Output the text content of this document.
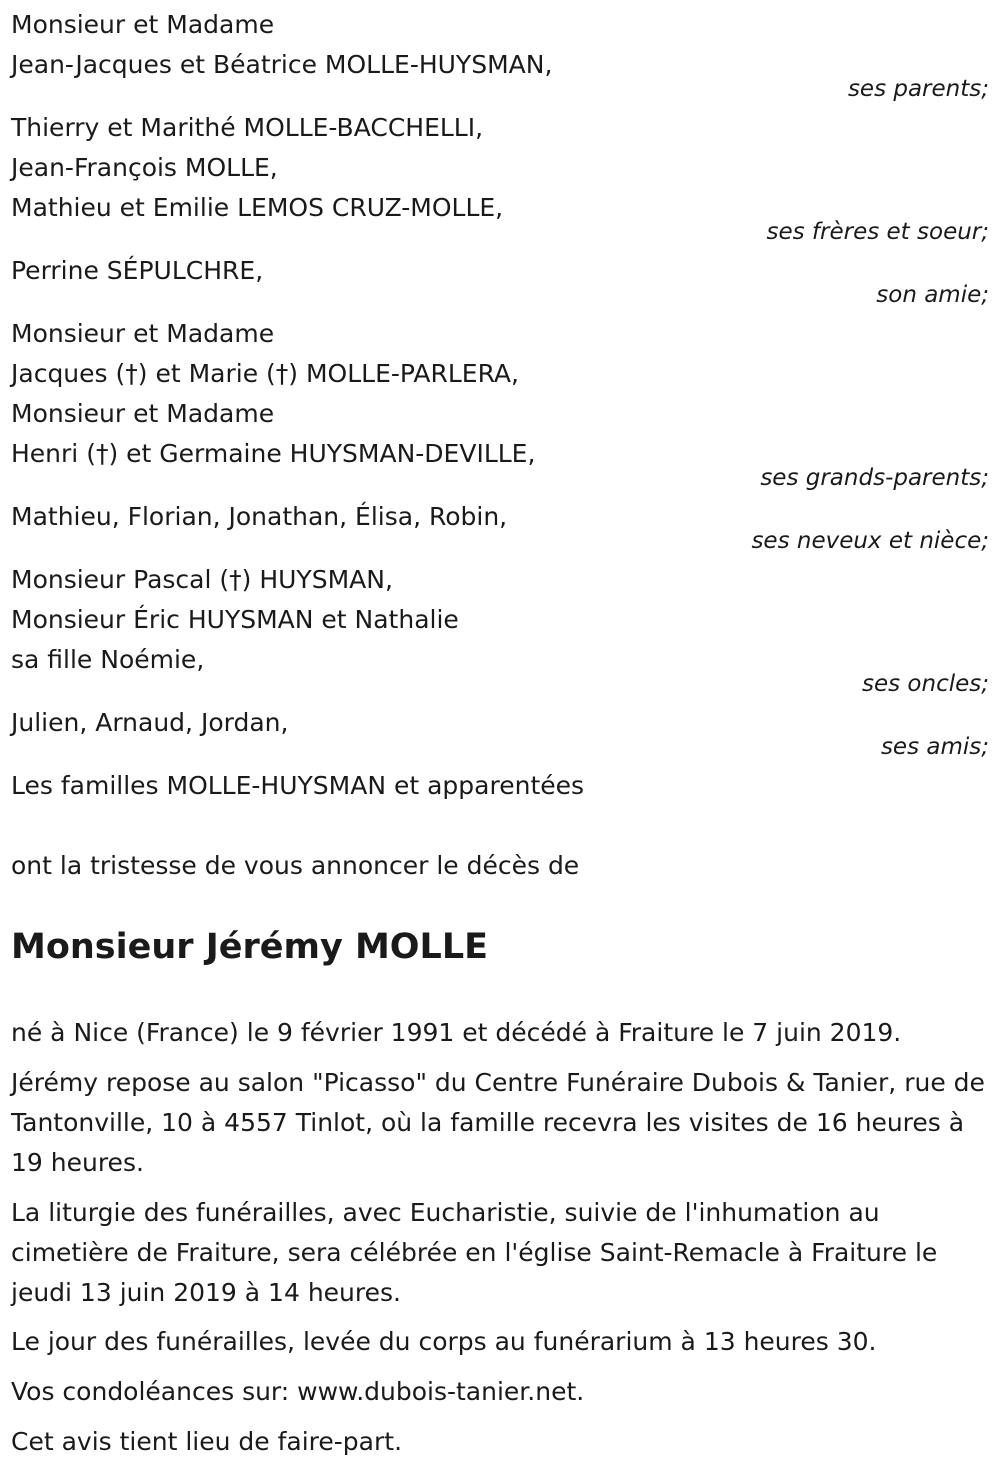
Monsieur et Madame
Jean-Jacques et Béatrice MOLLE-HUYSMAN,
ses parents;
Thierry et Marithé MOLLE-BACCHELLI,
Jean-François MOLLE,
Mathieu et Emilie LEMOS CRUZ-MOLLE,
ses frères et soeur;
Perrine SÉPULCHRE,
son amie;
Monsieur et Madame
Jacques (†) et Marie (†) MOLLE-PARLERA,
Monsieur et Madame
Henri (†) et Germaine HUYSMAN-DEVILLE,
ses grands-parents;
Mathieu, Florian, Jonathan, Élisa, Robin,
ses neveux et nièce;
Monsieur Pascal (†) HUYSMAN,
Monsieur Éric HUYSMAN et Nathalie
sa fille Noémie,
ses oncles;
Julien, Arnaud, Jordan,
ses amis;
Les familles MOLLE-HUYSMAN et apparentées
ont la tristesse de vous annoncer le décès de
Monsieur Jérémy MOLLE
né à Nice (France) le 9 février 1991 et décédé à Fraiture le 7 juin 2019.
Jérémy repose au salon "Picasso" du Centre Funéraire Dubois & Tanier, rue de Tantonville, 10 à 4557 Tinlot, où la famille recevra les visites de 16 heures à 19 heures.
La liturgie des funérailles, avec Eucharistie, suivie de l'inhumation au cimetière de Fraiture, sera célébrée en l'église Saint-Remacle à Fraiture le jeudi 13 juin 2019 à 14 heures.
Le jour des funérailles, levée du corps au funérarium à 13 heures 30.
Vos condoléances sur: www.dubois-tanier.net.
Cet avis tient lieu de faire-part.
